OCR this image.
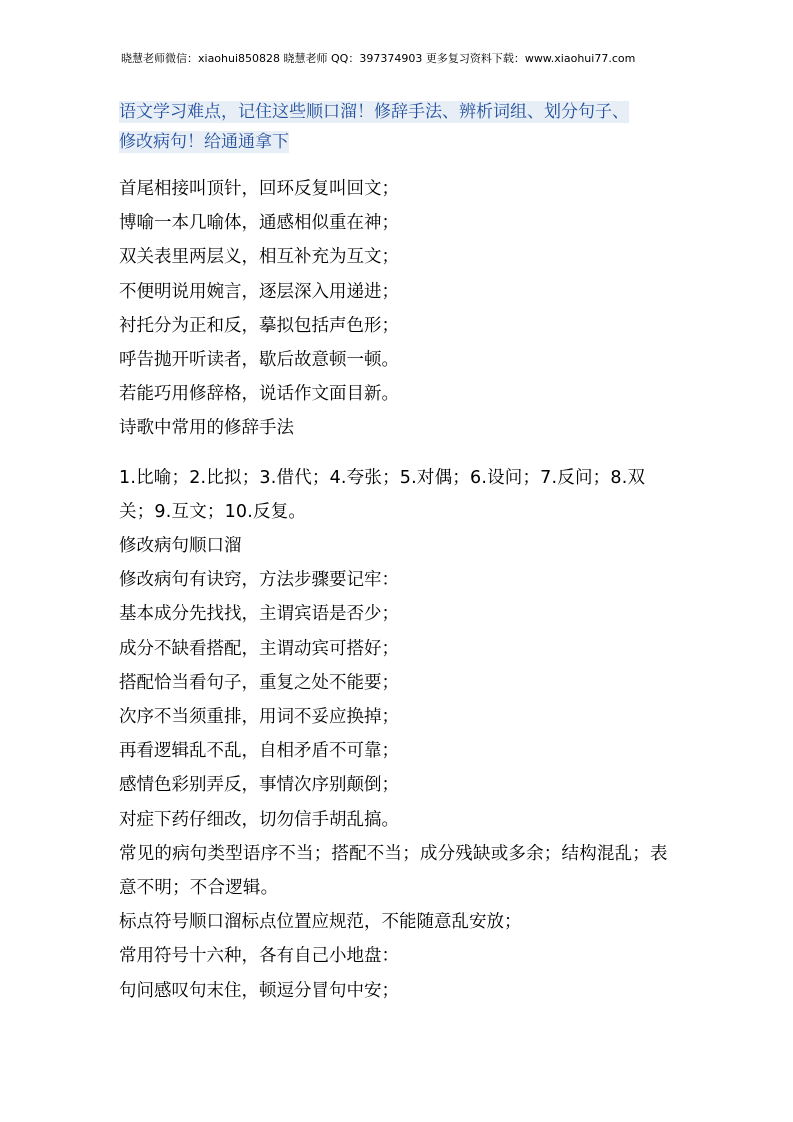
晓慧老师微信：xiaohui850828 晓慧老师 QQ：397374903 更多复习资料下载：www.xiaohui77.com
语文学习难点，记住这些顺口溜！修辞手法、辨析词组、划分句子、
修改病句！给通通拿下
首尾相接叫顶针，回环反复叫回文；
博喻一本几喻体，通感相似重在神；
双关表里两层义，相互补充为互文；
不便明说用婉言，逐层深入用递进；
衬托分为正和反，摹拟包括声色形；
呼告抛开听读者，歇后故意顿一顿。
若能巧用修辞格，说话作文面目新。
诗歌中常用的修辞手法
1.比喻；2.比拟；3.借代；4.夸张；5.对偶；6.设问；7.反问；8.双关；9.互文；10.反复。
修改病句顺口溜
修改病句有诀窍，方法步骤要记牢：
基本成分先找找，主谓宾语是否少；
成分不缺看搭配，主谓动宾可搭好；
搭配恰当看句子，重复之处不能要；
次序不当须重排，用词不妥应换掉；
再看逻辑乱不乱，自相矛盾不可靠；
感情色彩别弄反，事情次序别颠倒；
对症下药仔细改，切勿信手胡乱搞。
常见的病句类型语序不当；搭配不当；成分残缺或多余；结构混乱；表意不明；不合逻辑。
标点符号顺口溜标点位置应规范，不能随意乱安放；
常用符号十六种，各有自己小地盘：
句问感叹句末住，顿逗分冒句中安；
